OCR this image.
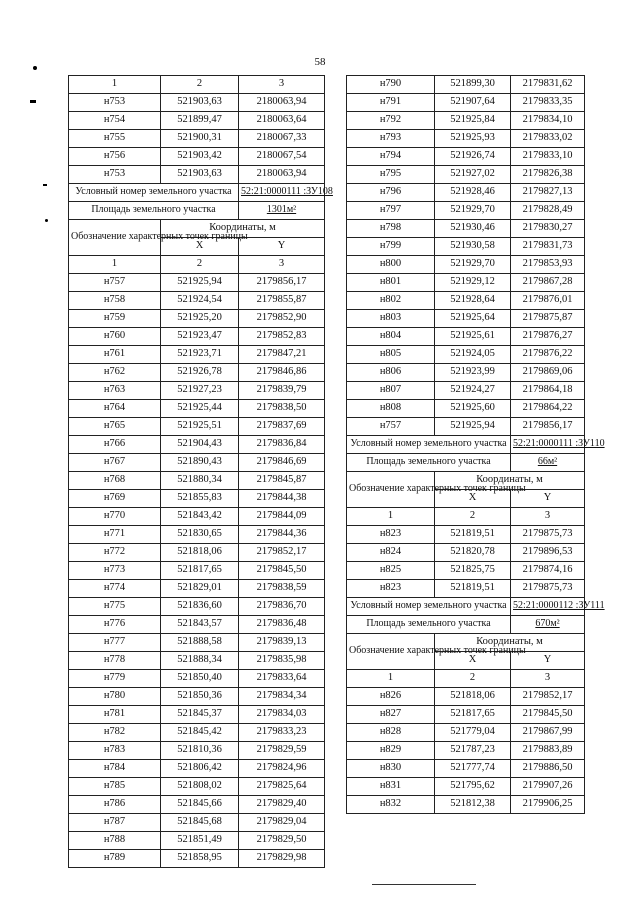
58
1	2	3
н753	521903,63	2180063,94
н754	521899,47	2180063,64
н755	521900,31	2180067,33
н756	521903,42	2180067,54
н753	521903,63	2180063,94
Условный номер земельного участка		52:21:0000111 :ЗУ108
Площадь земельного участка		1301м²
Обозначение характерных точек границы	Координаты, м	
	X	Y
1	2	3
н757	521925,94	2179856,17
н758	521924,54	2179855,87
н759	521925,20	2179852,90
н760	521923,47	2179852,83
н761	521923,71	2179847,21
н762	521926,78	2179846,86
н763	521927,23	2179839,79
н764	521925,44	2179838,50
н765	521925,51	2179837,69
н766	521904,43	2179836,84
н767	521890,43	2179846,69
н768	521880,34	2179845,87
н769	521855,83	2179844,38
н770	521843,42	2179844,09
н771	521830,65	2179844,36
н772	521818,06	2179852,17
н773	521817,65	2179845,50
н774	521829,01	2179838,59
н775	521836,60	2179836,70
н776	521843,57	2179836,48
н777	521888,58	2179839,13
н778	521888,34	2179835,98
н779	521850,40	2179833,64
н780	521850,36	2179834,34
н781	521845,37	2179834,03
н782	521845,42	2179833,23
н783	521810,36	2179829,59
н784	521806,42	2179824,96
н785	521808,02	2179825,64
н786	521845,66	2179829,40
н787	521845,68	2179829,04
н788	521851,49	2179829,50
н789	521858,95	2179829,98
н790	521899,30	2179831,62
н791	521907,64	2179833,35
н792	521925,84	2179834,10
н793	521925,93	2179833,02
н794	521926,74	2179833,10
н795	521927,02	2179826,38
н796	521928,46	2179827,13
н797	521929,70	2179828,49
н798	521930,46	2179830,27
н799	521930,58	2179831,73
н800	521929,70	2179853,93
н801	521929,12	2179867,28
н802	521928,64	2179876,01
н803	521925,64	2179875,87
н804	521925,61	2179876,27
н805	521924,05	2179876,22
н806	521923,99	2179869,06
н807	521924,27	2179864,18
н808	521925,60	2179864,22
н757	521925,94	2179856,17
Условный номер земельного участка		52:21:0000111 :ЗУ110
Площадь земельного участка		66м²
Обозначение характерных точек границы	Координаты, м	
	X	Y
1	2	3
н823	521819,51	2179875,73
н824	521820,78	2179896,53
н825	521825,75	2179874,16
н823	521819,51	2179875,73
Условный номер земельного участка		52:21:0000112 :ЗУ111
Площадь земельного участка		670м²
Обозначение характерных точек границы	Координаты, м	
	X	Y
1	2	3
н826	521818,06	2179852,17
н827	521817,65	2179845,50
н828	521779,04	2179867,99
н829	521787,23	2179883,89
н830	521777,74	2179886,50
н831	521795,62	2179907,26
н832	521812,38	2179906,25
